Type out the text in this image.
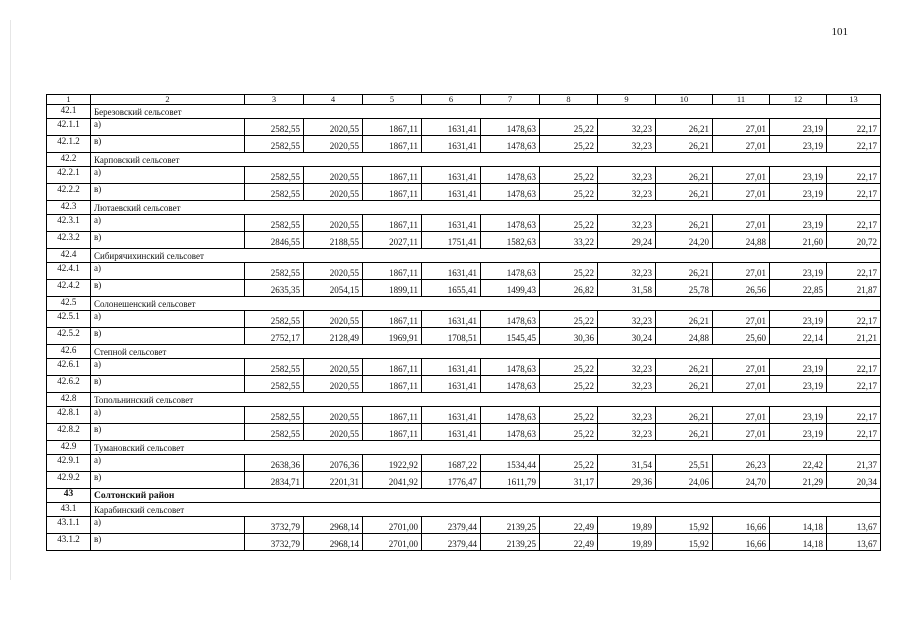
101
1	2	3	4	5	6	7	8	9	10	11	12	13
42.1	Березовский сельсовет											
42.1.1	а)	2582,55	2020,55	1867,11	1631,41	1478,63	25,22	32,23	26,21	27,01	23,19	22,17
42.1.2	в)	2582,55	2020,55	1867,11	1631,41	1478,63	25,22	32,23	26,21	27,01	23,19	22,17
42.2	Карповский сельсовет											
42.2.1	а)	2582,55	2020,55	1867,11	1631,41	1478,63	25,22	32,23	26,21	27,01	23,19	22,17
42.2.2	в)	2582,55	2020,55	1867,11	1631,41	1478,63	25,22	32,23	26,21	27,01	23,19	22,17
42.3	Лютаевский сельсовет											
42.3.1	а)	2582,55	2020,55	1867,11	1631,41	1478,63	25,22	32,23	26,21	27,01	23,19	22,17
42.3.2	в)	2846,55	2188,55	2027,11	1751,41	1582,63	33,22	29,24	24,20	24,88	21,60	20,72
42.4	Сибирячихинский сельсовет											
42.4.1	а)	2582,55	2020,55	1867,11	1631,41	1478,63	25,22	32,23	26,21	27,01	23,19	22,17
42.4.2	в)	2635,35	2054,15	1899,11	1655,41	1499,43	26,82	31,58	25,78	26,56	22,85	21,87
42.5	Солонешенский сельсовет											
42.5.1	а)	2582,55	2020,55	1867,11	1631,41	1478,63	25,22	32,23	26,21	27,01	23,19	22,17
42.5.2	в)	2752,17	2128,49	1969,91	1708,51	1545,45	30,36	30,24	24,88	25,60	22,14	21,21
42.6	Степной сельсовет											
42.6.1	а)	2582,55	2020,55	1867,11	1631,41	1478,63	25,22	32,23	26,21	27,01	23,19	22,17
42.6.2	в)	2582,55	2020,55	1867,11	1631,41	1478,63	25,22	32,23	26,21	27,01	23,19	22,17
42.8	Топольнинский сельсовет											
42.8.1	а)	2582,55	2020,55	1867,11	1631,41	1478,63	25,22	32,23	26,21	27,01	23,19	22,17
42.8.2	в)	2582,55	2020,55	1867,11	1631,41	1478,63	25,22	32,23	26,21	27,01	23,19	22,17
42.9	Тумановский сельсовет											
42.9.1	а)	2638,36	2076,36	1922,92	1687,22	1534,44	25,22	31,54	25,51	26,23	22,42	21,37
42.9.2	в)	2834,71	2201,31	2041,92	1776,47	1611,79	31,17	29,36	24,06	24,70	21,29	20,34
43	Солтонский район											
43.1	Карабинский сельсовет											
43.1.1	а)	3732,79	2968,14	2701,00	2379,44	2139,25	22,49	19,89	15,92	16,66	14,18	13,67
43.1.2	в)	3732,79	2968,14	2701,00	2379,44	2139,25	22,49	19,89	15,92	16,66	14,18	13,67
